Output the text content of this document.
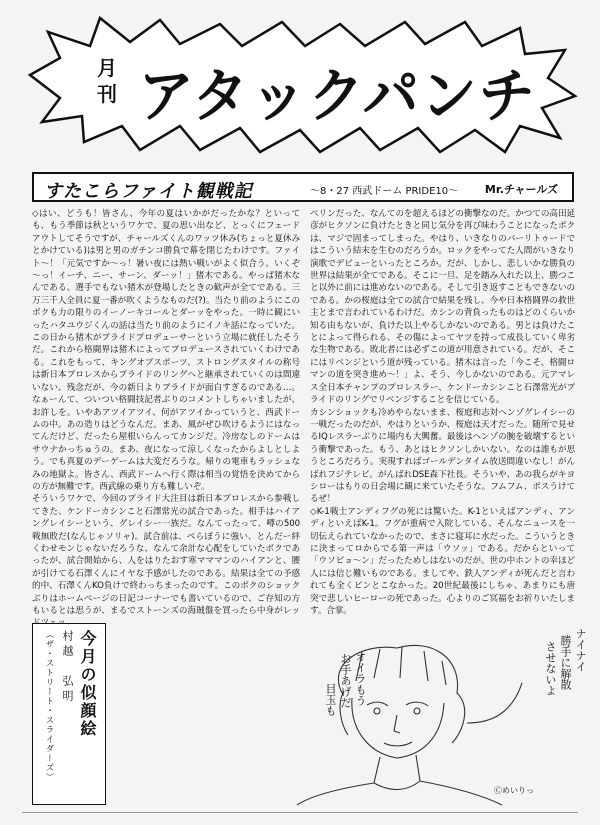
月
刊 アタックパンチ
すたこらファイト観戦記	～8・27 西武ドーム PRIDE10～ Mr.チャールズ

◇はい、どうも！皆さん、今年の夏はいかがだったかな？といっても、もう季節は秋というワケで、夏の思い出など、とっくにフェードアウトしてそうですが、チャールズくんのワッツ休み(ちょっと夏休みとかけている)は男と男のガチンコ勝負で幕を閉じたわけです。ファイト～！「元気ですか～っ！暑い夜には熱い戦いがよく似合う。いくぞ～っ！イーチ、ニー、サーン、ダーッ！」猪木である。やっぱ猪木なんである。選手でもない猪木が登場したときの歓声が全てである。三万三千人全員に夏一番が吹くようなものだ(?)。当たり前のようにこのボクも力の限りのイーノーキコールとダーッをやった。一時に観にいったハタユウジくんの話は当たり前のようにイノキ話になっていた。この日から猪木がプライドプロデューサーという立場に就任したそうだ。これから格闘界は猪木によってプロデュースされていくわけである。これをもって、キングオブスポーツ、ストロングスタイルの称号は新日本プロレスからプライドのリングへと継承されていくのは間違いない。残念だが、今の新日よりプライドが面白すぎるのである…。なぁーんて、ついつい格闘技記者ぶりのコメントしちゃいましたが、お許しを。いやあアツイアツイ、何がアツイかっていうと、西武ドームの中。あの造りはどうなんだ。まあ、風がぜひ吹けるようにはなってんだけど、だったら屋根いらんってカンジだ。冷房なしのドームはサウナかっちゅうの。まあ、夜になって涼しくなったからよしとしよう。でも真夏のデーゲームは大変だろうな。帰りの電車もラッシュなみの地獄よ。皆さん、西武ドームへ行く際は相当の覚悟を決めてからの方が無難です。西武線の乗り方も難しいぞ。

そういうワケで、今回のプライド大注目は新日本プロレスから参戦してきた、ケンドーカシンこと石澤常光の試合であった。相手はハイアングレイシーという、グレイシー一族だ。なんてったって、噂の500戦無敗だ(なんじゃソリャ)。試合前は、ぺらぽうに強い、とんだー絆くわせモンじゃないだろうな、なんて余計な心配をしていたボクであったが、試合開始から、人をはりたおす寒マママンのハイアンと、腰が引けてる石澤くんにイヤな予感がしたのである。結果は全ての予感的中、石澤くんKO負けで終わっちまったのです。このボクのショックぶりはホームページの日記コーナーでも書いているので、ご存知の方もいるとは思うが、まるでストーンズの海賊盤を買ったら中身がレッ

ペリンだった、なんてのを超えるほどの衝撃なのだ。かつての高田延彦がヒクソンに負けたときと同じ気分を再び味わうことになったボクは、マジで固まってしまった。やはり、いきなりのバーリトゥードではこういう結末を生むのだろうか。ロックをやってた人間がいきなり演歌でデビューといったところか。だが、しかし、悲しいかな勝負の世界は結果が全てである。そこに一旦、足を踏み入れた以上、勝つこと以外に前には進めないのである。そして引き返すこともできないのである。かの桜庭は全ての試合で結果を残し、今や日本格闘界の救世主とまで言われているわけだ。カシンの背負ったものはどのくらいか知る由もないが、負けた以上やるしかないのである。男とは負けたことによって得られる、その傷によってヤツを持って成長していく卑劣な生物である。敗北者には必ずこの道が用意されている。だが、そこにはリベンジという道が残っている。猪木は言った「今こそ、格闘ロマンの道を突き進め～！」よ、そう、今しかないのである。元アマレス全日本チャンプのプロレスラー、ケンドーカシンこと石澤常光がプライドのリングでリベンジすることを信じている。

カシンショックも冷めやらないまま、桜庭和志対ヘンゾグレイシーの一戦だったのだが、やはりというか、桜庭は天才だった。随所で見せるIQレスラーぶりに場内も大興奮。最後はヘンゾの腕を破壊するという衝撃であった。もう、あとはヒクソンしかいない。なのは誰もが思うところだろう。実現すればゴールデンタイム放送間違いなし！がんばれフジテレビ。がんばれDSE森下社長。そういや、あの我らがキヨシローはもりの日会場に観に来ていたそうな。フムフム、ボスうけてるぜ！

◇K-1戦士アンディフグの死には驚いた。K-1といえばアンディ、アンディといえばK-1。フグが重病で入院している、そんなニュースを一切伝えられていなかったので、まさに寝耳に水だった。こういうときに決まってロからでる第一声は「ウソッ」である。だからといって「ウソピョ～ン」だったためしはないのだが。世の中ホントの幸ほど人には信じ難いものである。ましてや、鉄人アンディが死んだと言われても全くピンとこなかった。20世紀最後にしちゃ、あまりにも唐突で悲しいヒーローの死であった。心よりのご冥福をお祈りいたします。合掌。

今月の似顔絵
村越　弘明
（ザ・ストリート・スライダーズ）	ナイナイ
勝手に解散
させないよ
オイラもう
お手あげだ
目玉も
Ⓒめいりっ
